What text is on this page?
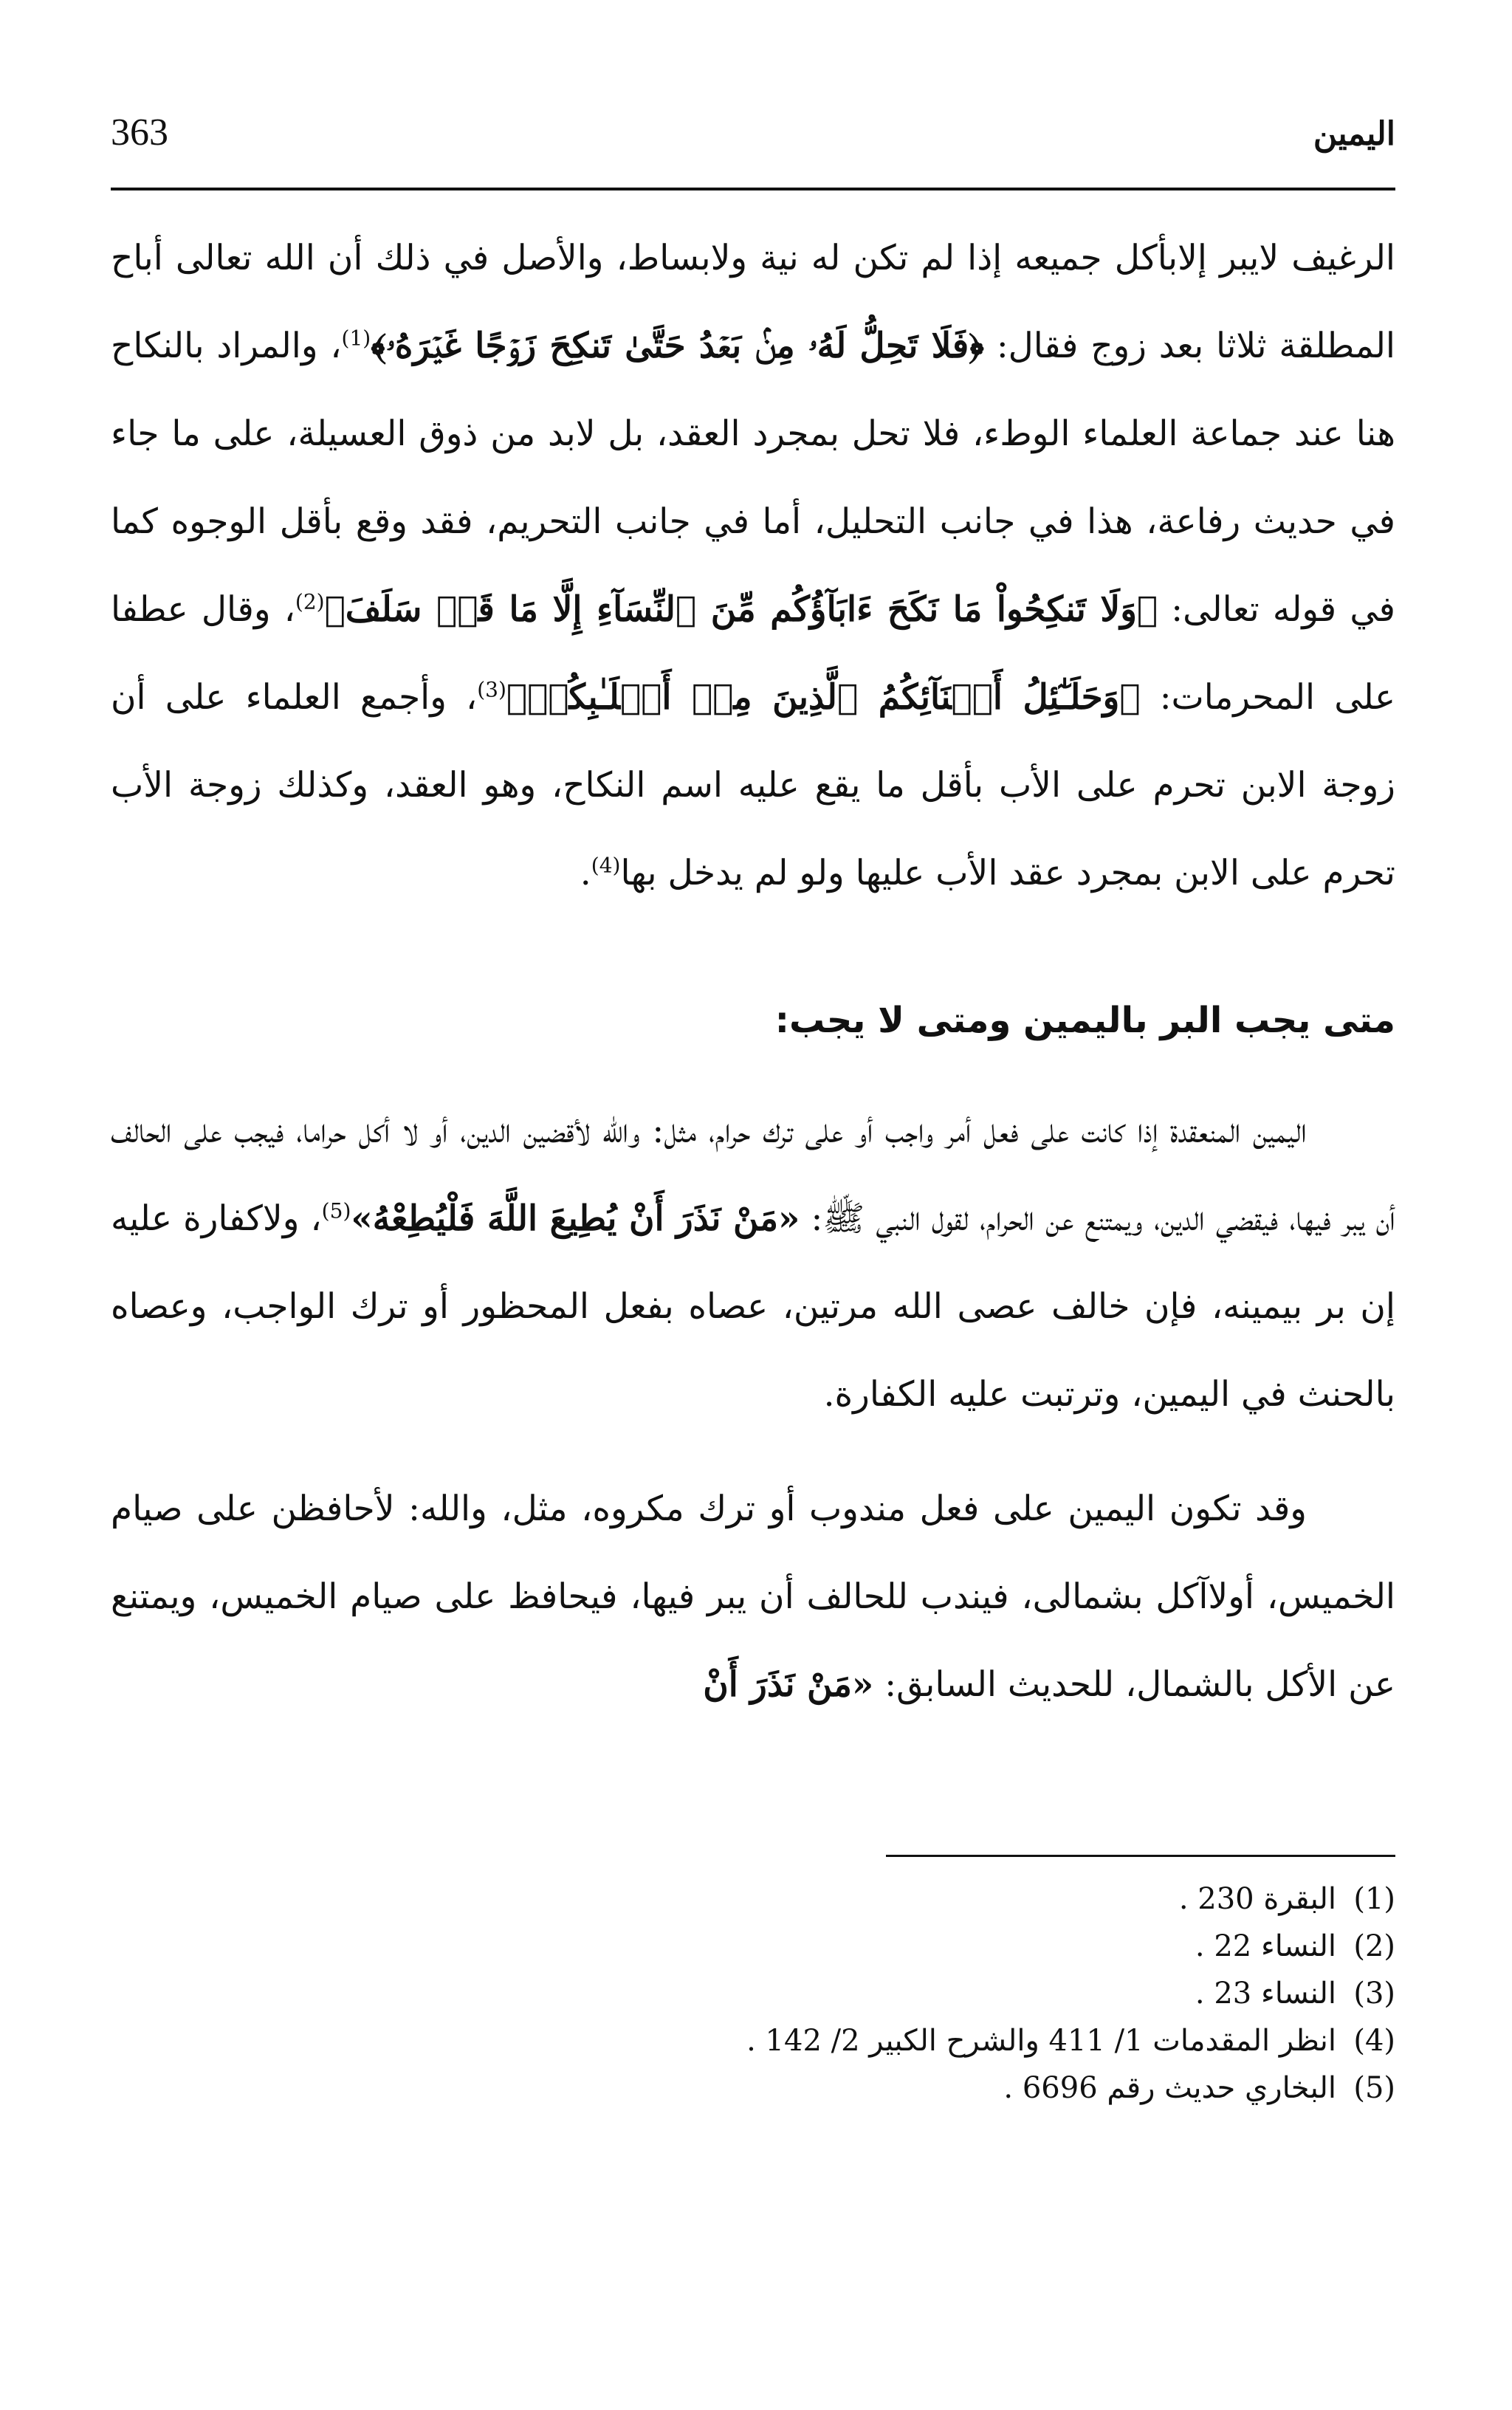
اليمين
363

الرغيف لايبر إلابأكل جميعه إذا لم تكن له نية ولابساط، والأصل في ذلك أن الله تعالى أباح المطلقة ثلاثا بعد زوج فقال: ﴿فَلَا تَحِلُّ لَهُۥ مِنۢ بَعۡدُ حَتَّىٰ تَنكِحَ زَوۡجًا غَيۡرَهُۥ﴾$^{(1)}$، والمراد بالنكاح هنا عند جماعة العلماء الوطء، فلا تحل بمجرد العقد، بل لابد من ذوق العسيلة، على ما جاء في حديث رفاعة، هذا في جانب التحليل، أما في جانب التحريم، فقد وقع بأقل الوجوه كما في قوله تعالى: ﴿وَلَا تَنكِحُواْ مَا نَكَحَ ءَابَآؤُكُم مِّنَ ٱلنِّسَآءِ إِلَّا مَا قَدۡ سَلَفَ﴾$^{(2)}$، وقال عطفا على المحرمات: ﴿وَحَلَـٰٓئِلُ أَبۡنَآئِكُمُ ٱلَّذِينَ مِنۡ أَصۡلَـٰبِكُمۡ﴾$^{(3)}$، وأجمع العلماء على أن زوجة الابن تحرم على الأب بأقل ما يقع عليه اسم النكاح، وهو العقد، وكذلك زوجة الأب تحرم على الابن بمجرد عقد الأب عليها ولو لم يدخل بها$^{(4)}$.

متى يجب البر باليمين ومتى لا يجب:

اليمين المنعقدة إذا كانت على فعل أمر واجب أو على ترك حرام، مثل: والله لأقضين الدين، أو لا أكل حراما، فيجب على الحالف أن يبر فيها، فيقضي الدين، ويمتنع عن الحرام، لقول النبي ﷺ: «مَنْ نَذَرَ أَنْ يُطِيعَ اللَّهَ فَلْيُطِعْهُ»$^{(5)}$، ولاكفارة عليه إن بر بيمينه، فإن خالف عصى الله مرتين، عصاه بفعل المحظور أو ترك الواجب، وعصاه بالحنث في اليمين، وترتبت عليه الكفارة.

وقد تكون اليمين على فعل مندوب أو ترك مكروه، مثل، والله: لأحافظن على صيام الخميس، أولاآكل بشمالى، فيندب للحالف أن يبر فيها، فيحافظ على صيام الخميس، ويمتنع عن الأكل بالشمال، للحديث السابق: «مَنْ نَذَرَ أَنْ

(1)
البقرة 230 .
(2)
النساء 22 .
(3)
النساء 23 .
(4)
انظر المقدمات 1/ 411 والشرح الكبير 2/ 142 .
(5)
البخاري حديث رقم 6696 .
